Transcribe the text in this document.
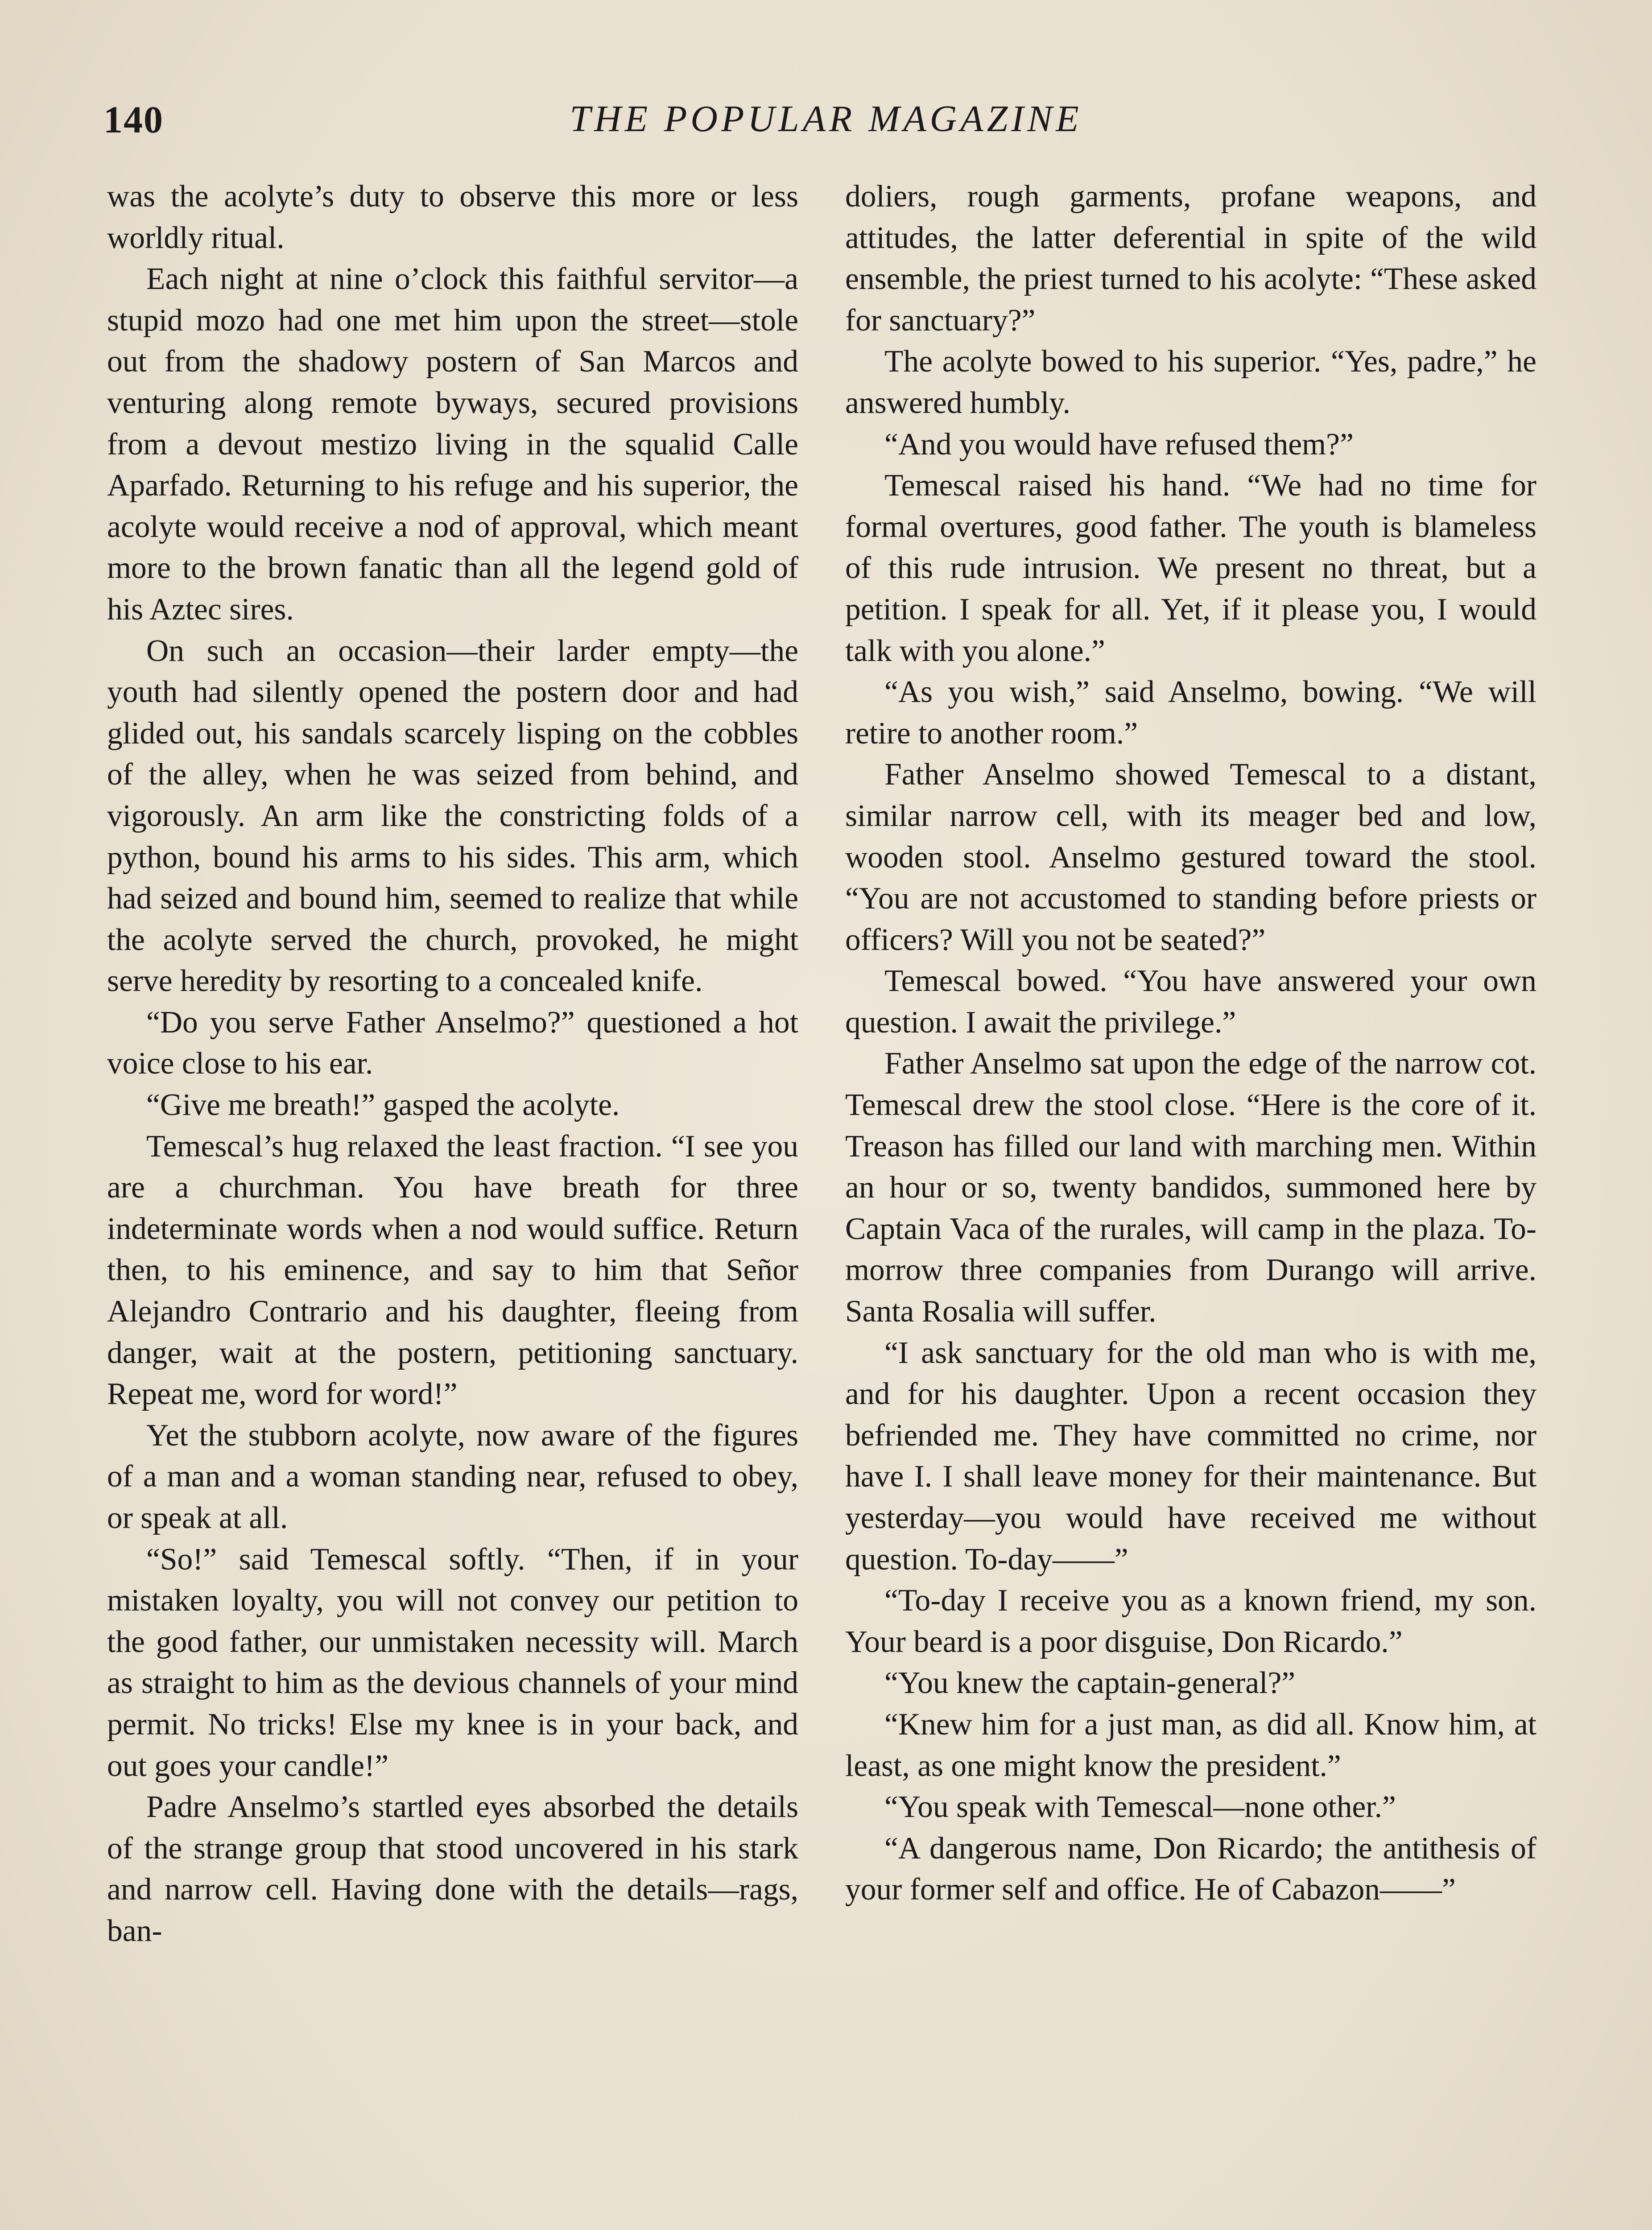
140	THE POPULAR MAGAZINE

was the acolyte’s duty to observe this more or less worldly ritual.

Each night at nine o’clock this faithful servitor—a stupid mozo had one met him upon the street—stole out from the shadowy postern of San Marcos and venturing along remote byways, secured provisions from a devout mestizo living in the squalid Calle Aparfado. Returning to his refuge and his superior, the acolyte would receive a nod of approval, which meant more to the brown fanatic than all the legend gold of his Aztec sires.

On such an occasion—their larder empty—the youth had silently opened the postern door and had glided out, his sandals scarcely lisping on the cobbles of the alley, when he was seized from behind, and vigorously. An arm like the constricting folds of a python, bound his arms to his sides. This arm, which had seized and bound him, seemed to realize that while the acolyte served the church, provoked, he might serve heredity by resorting to a concealed knife.

“Do you serve Father Anselmo?” questioned a hot voice close to his ear.

“Give me breath!” gasped the acolyte.

Temescal’s hug relaxed the least fraction. “I see you are a churchman. You have breath for three indeterminate words when a nod would suffice. Return then, to his eminence, and say to him that Señor Alejandro Contrario and his daughter, fleeing from danger, wait at the postern, petitioning sanctuary. Repeat me, word for word!”

Yet the stubborn acolyte, now aware of the figures of a man and a woman standing near, refused to obey, or speak at all.

“So!” said Temescal softly. “Then, if in your mistaken loyalty, you will not convey our petition to the good father, our unmistaken necessity will. March as straight to him as the devious channels of your mind permit. No tricks! Else my knee is in your back, and out goes your candle!”

Padre Anselmo’s startled eyes absorbed the details of the strange group that stood uncovered in his stark and narrow cell. Having done with the details—rags, ban-

doliers, rough garments, profane weapons, and attitudes, the latter deferential in spite of the wild ensemble, the priest turned to his acolyte: “These asked for sanctuary?”

The acolyte bowed to his superior. “Yes, padre,” he answered humbly.

“And you would have refused them?”

Temescal raised his hand. “We had no time for formal overtures, good father. The youth is blameless of this rude intrusion. We present no threat, but a petition. I speak for all. Yet, if it please you, I would talk with you alone.”

“As you wish,” said Anselmo, bowing. “We will retire to another room.”

Father Anselmo showed Temescal to a distant, similar narrow cell, with its meager bed and low, wooden stool. Anselmo gestured toward the stool. “You are not accustomed to standing before priests or officers? Will you not be seated?”

Temescal bowed. “You have answered your own question. I await the privilege.”

Father Anselmo sat upon the edge of the narrow cot. Temescal drew the stool close. “Here is the core of it. Treason has filled our land with marching men. Within an hour or so, twenty bandidos, summoned here by Captain Vaca of the rurales, will camp in the plaza. To-morrow three companies from Durango will arrive. Santa Rosalia will suffer.

“I ask sanctuary for the old man who is with me, and for his daughter. Upon a recent occasion they befriended me. They have committed no crime, nor have I. I shall leave money for their maintenance. But yesterday—you would have received me without question. To-day——”

“To-day I receive you as a known friend, my son. Your beard is a poor disguise, Don Ricardo.”

“You knew the captain-general?”

“Knew him for a just man, as did all. Know him, at least, as one might know the president.”

“You speak with Temescal—none other.”

“A dangerous name, Don Ricardo; the antithesis of your former self and office. He of Cabazon——”
